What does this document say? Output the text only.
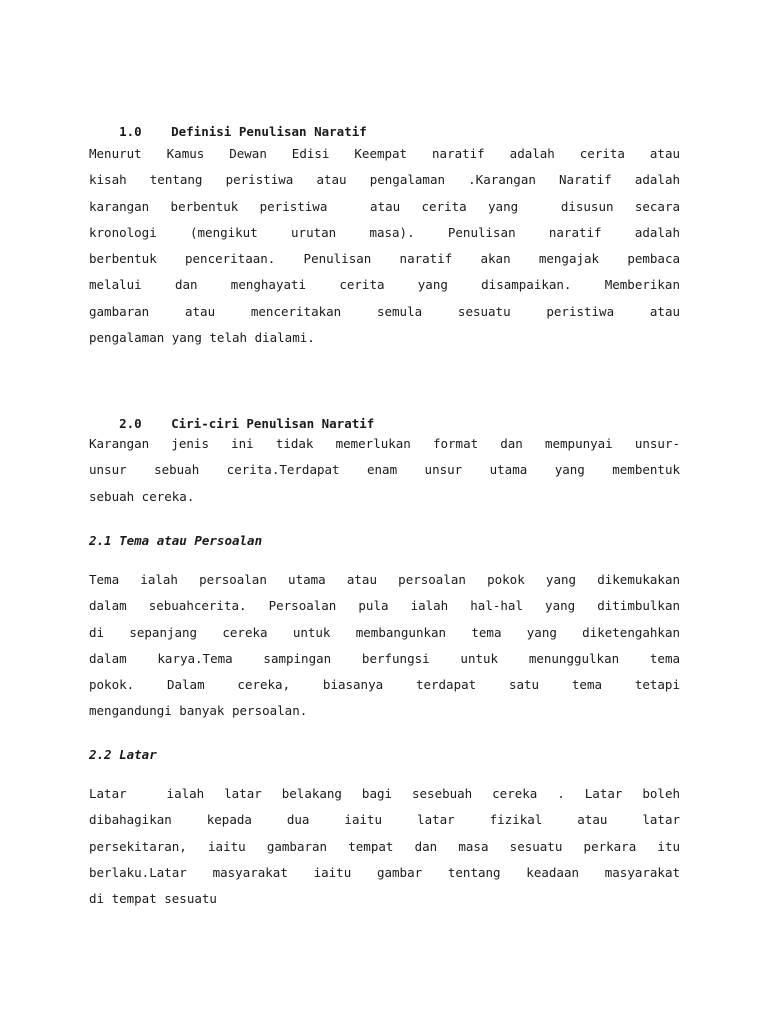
1.0 Definisi Penulisan Naratif

Menurut Kamus Dewan Edisi Keempat naratif adalah cerita atau
kisah tentang peristiwa atau pengalaman .Karangan Naratif adalah
karangan berbentuk peristiwa  atau cerita yang  disusun secara
kronologi (mengikut urutan masa). Penulisan naratif adalah
berbentuk penceritaan. Penulisan naratif akan mengajak pembaca
melalui dan menghayati cerita yang disampaikan. Memberikan
gambaran atau menceritakan semula sesuatu peristiwa atau
pengalaman yang telah dialami.

2.0 Ciri-ciri Penulisan Naratif

Karangan jenis ini tidak memerlukan format dan mempunyai unsur-
unsur sebuah cerita.Terdapat enam unsur utama yang membentuk
sebuah cereka.

2.1 Tema atau Persoalan

Tema ialah persoalan utama atau persoalan pokok yang dikemukakan
dalam sebuahcerita. Persoalan pula ialah hal-hal yang ditimbulkan
di sepanjang cereka untuk membangunkan tema yang diketengahkan
dalam karya.Tema sampingan berfungsi untuk menunggulkan tema
pokok. Dalam cereka, biasanya terdapat satu tema tetapi
mengandungi banyak persoalan.

2.2 Latar

Latar  ialah latar belakang bagi sesebuah cereka . Latar boleh
dibahagikan kepada dua iaitu latar fizikal atau latar
persekitaran, iaitu gambaran tempat dan masa sesuatu perkara itu
berlaku.Latar masyarakat iaitu gambar tentang keadaan masyarakat
di tempat sesuatu
